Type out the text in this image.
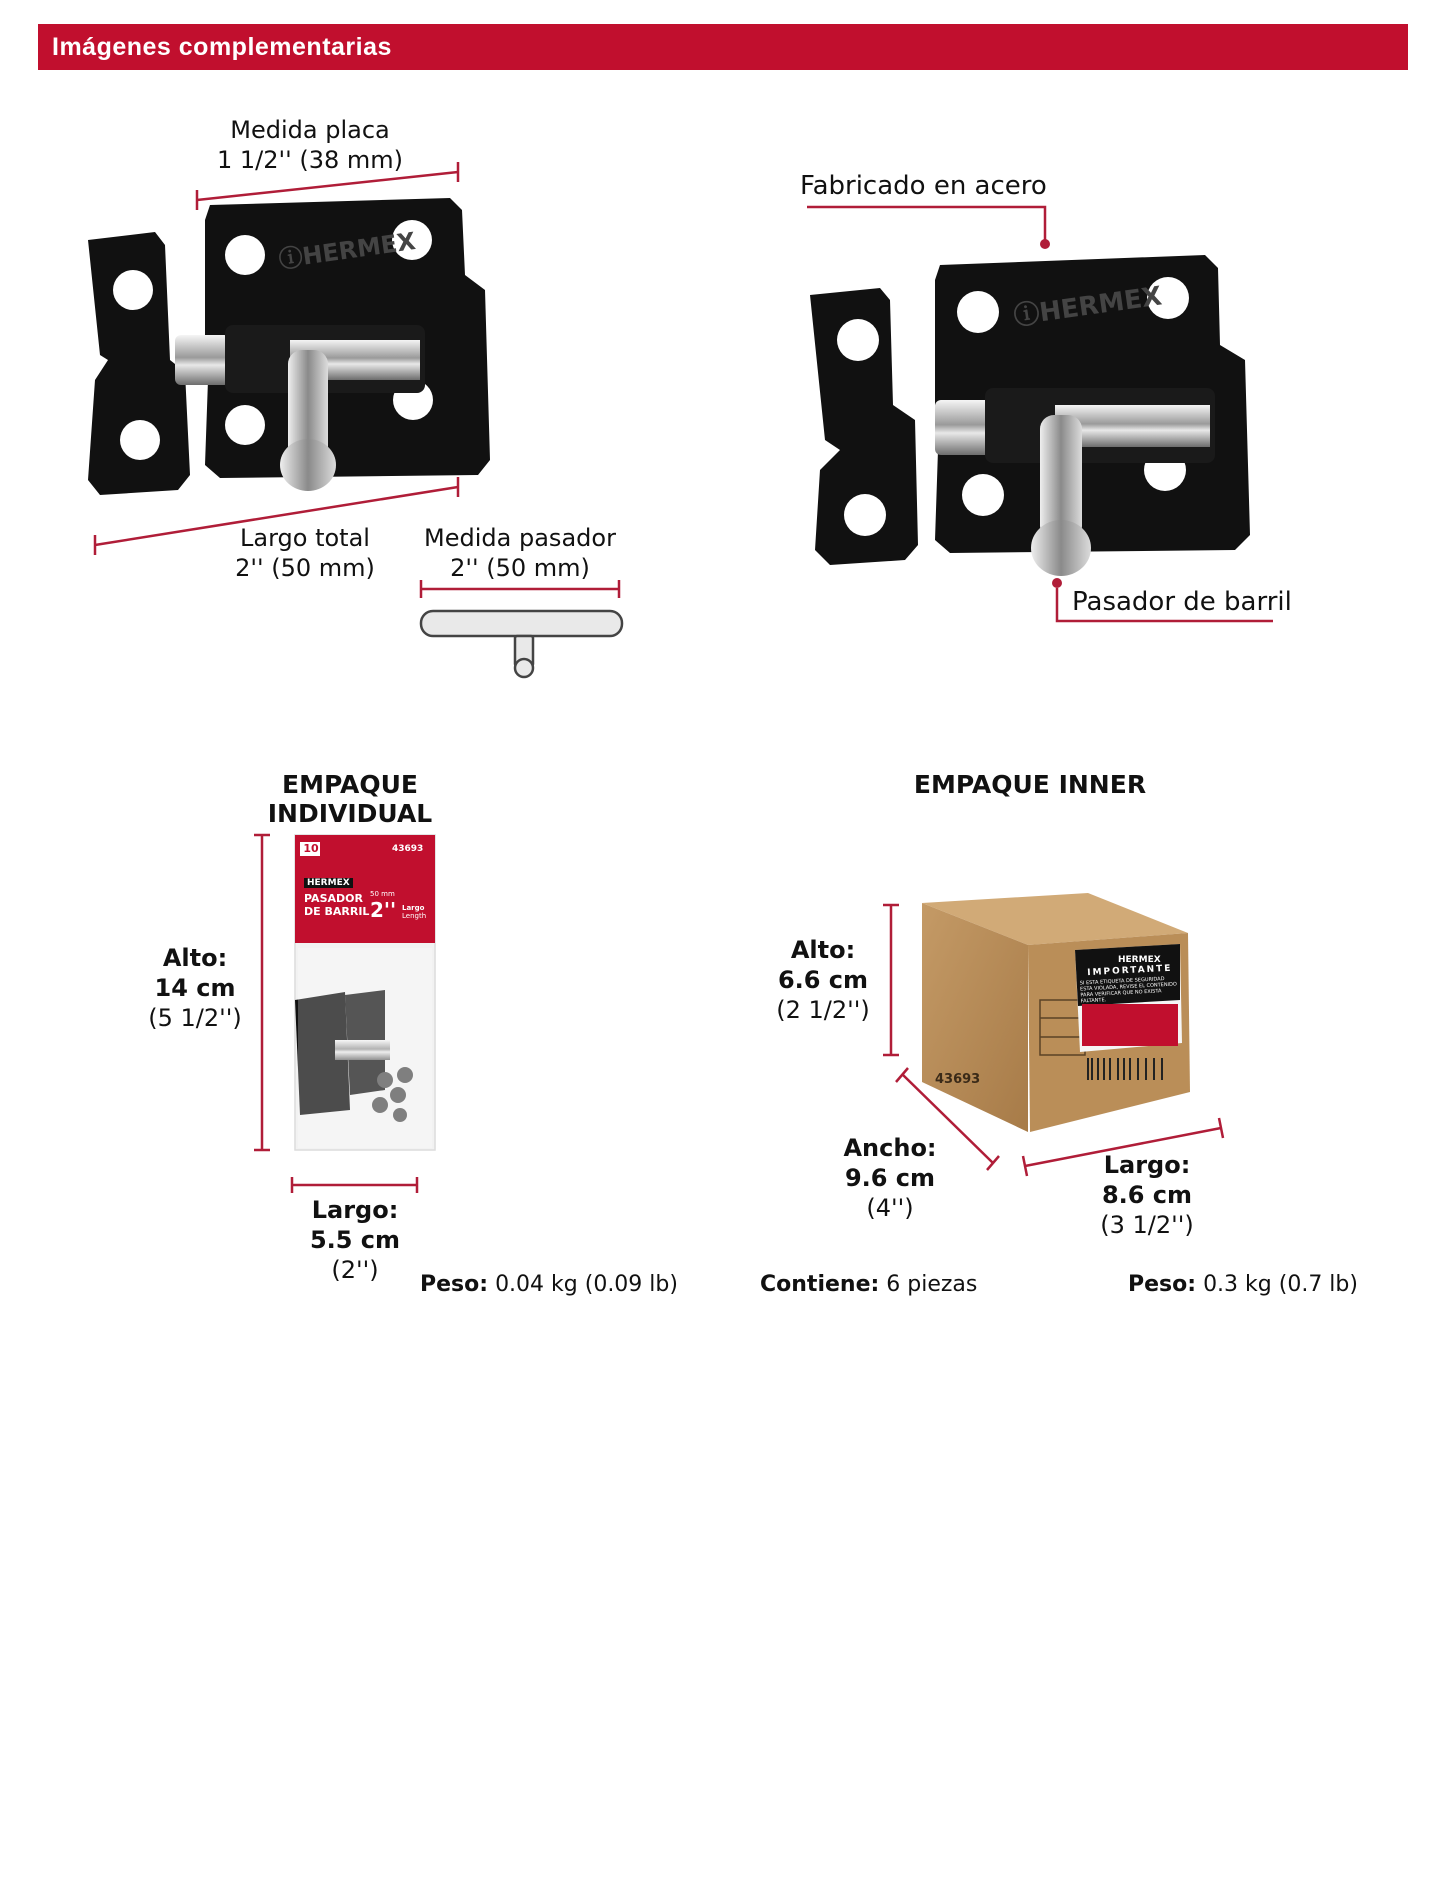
Imágenes complementarias
ⓘHERMEX
ⓘHERMEX
HERMEX
10	43693
HERMEX
PASADOR
DE BARRIL
50 mm
2'' Largo
Length
IMPORTANTE
SI ESTA ETIQUETA DE SEGURIDAD ESTA VIOLADA, REVISE EL CONTENIDO PARA VERIFICAR QUE NO EXISTA FALTANTE.
43693
Medida placa
1 1/2'' (38 mm)
Largo total
2'' (50 mm)
Medida pasador
2'' (50 mm)
Fabricado en acero
Pasador de barril
EMPAQUE INDIVIDUAL
EMPAQUE INNER
Alto:
14 cm
(5 1/2'')
Largo:
5.5 cm
(2'')
Peso: 0.04 kg (0.09 lb)
Alto:
6.6 cm
(2 1/2'')
Ancho:
9.6 cm
(4'')
Largo:
8.6 cm
(3 1/2'')
Contiene: 6 piezas	Peso: 0.3 kg (0.7 lb)
